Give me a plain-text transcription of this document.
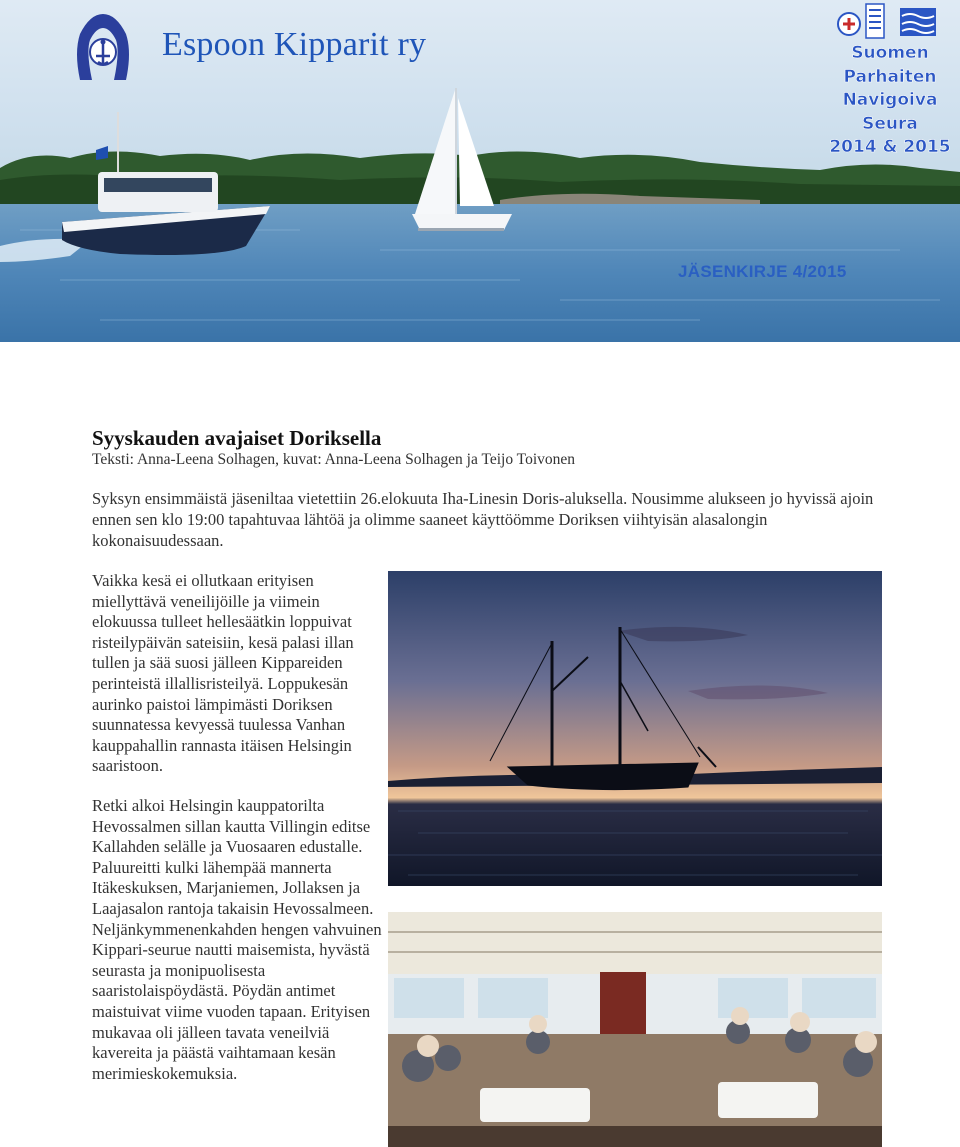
Espoon Kipparit ry	Suomen
Parhaiten
Navigoiva
Seura
2014 & 2015
JÄSENKIRJE 4/2015
Syyskauden avajaiset Doriksella
Teksti: Anna-Leena Solhagen, kuvat: Anna-Leena Solhagen ja Teijo Toivonen

Syksyn ensimmäistä jäseniltaa vietettiin 26.elokuuta Iha-Linesin Doris-aluksella. Nousimme alukseen jo hyvissä ajoin ennen sen klo 19:00 tapahtuvaa lähtöä ja olimme saaneet käyttöömme Doriksen viihtyisän alasalongin kokonaisuudessaan.

Vaikka kesä ei ollutkaan erityisen miellyttävä veneilijöille ja viimein elokuussa tulleet hellesäätkin loppuivat risteilypäivän sateisiin, kesä palasi illan tullen ja sää suosi jälleen Kippareiden perinteistä illallisristeilyä. Loppukesän aurinko paistoi lämpimästi Doriksen suunnatessa kevyessä tuulessa Vanhan kauppahallin rannasta itäisen Helsingin saaristoon.

Retki alkoi Helsingin kauppatorilta Hevossalmen sillan kautta Villingin editse Kallahden selälle ja Vuosaaren edustalle. Paluureitti kulki lähempää mannerta Itäkeskuksen, Marjaniemen, Jollaksen ja Laajasalon rantoja takaisin Hevossalmeen.
Neljänkymmenenkahden hengen vahvuinen Kippari-seurue nautti maisemista, hyvästä seurasta ja monipuolisesta saaristolaispöydästä. Pöydän antimet maistuivat viime vuoden tapaan. Erityisen mukavaa oli jälleen tavata veneilviä kavereita ja päästä vaihtamaan kesän merimieskokemuksia.
